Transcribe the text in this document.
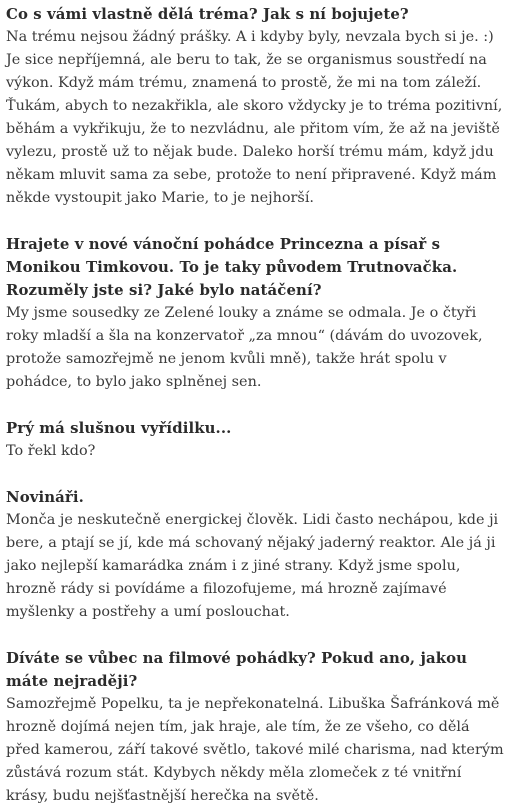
Co s vámi vlastně dělá tréma? Jak s ní bojujete?

Na trému nejsou žádný prášky. A i kdyby byly, nevzala bych si je. :) Je sice nepříjemná, ale beru to tak, že se organismus soustředí na výkon. Když mám trému, znamená to prostě, že mi na tom záleží. Ťukám, abych to nezakřikla, ale skoro vždycky je to tréma pozitivní, běhám a vykřikuju, že to nezvládnu, ale přitom vím, že až na jeviště vylezu, prostě už to nějak bude. Daleko horší trému mám, když jdu někam mluvit sama za sebe, protože to není připravené. Když mám někde vystoupit jako Marie, to je nejhorší.

Hrajete v nové vánoční pohádce Princezna a písař s Monikou Timkovou. To je taky původem Trutnovačka. Rozuměly jste si? Jaké bylo natáčení?

My jsme sousedky ze Zelené louky a známe se odmala. Je o čtyři roky mladší a šla na konzervatoř „za mnou“ (dávám do uvozovek, protože samozřejmě ne jenom kvůli mně), takže hrát spolu v pohádce, to bylo jako splněnej sen.

Prý má slušnou vyřídilku...

To řekl kdo?

Novináři.

Monča je neskutečně energickej člověk. Lidi často nechápou, kde ji bere, a ptají se jí, kde má schovaný nějaký jaderný reaktor. Ale já ji jako nejlepší kamarádka znám i z jiné strany. Když jsme spolu, hrozně rády si povídáme a filozofujeme, má hrozně zajímavé myšlenky a postřehy a umí poslouchat.

Díváte se vůbec na filmové pohádky? Pokud ano, jakou máte nejraději?

Samozřejmě Popelku, ta je nepřekonatelná. Libuška Šafránková mě hrozně dojímá nejen tím, jak hraje, ale tím, že ze všeho, co dělá před kamerou, září takové světlo, takové milé charisma, nad kterým zůstává rozum stát. Kdybych někdy měla zlomeček z té vnitřní krásy, budu nejšťastnější herečka na světě.
